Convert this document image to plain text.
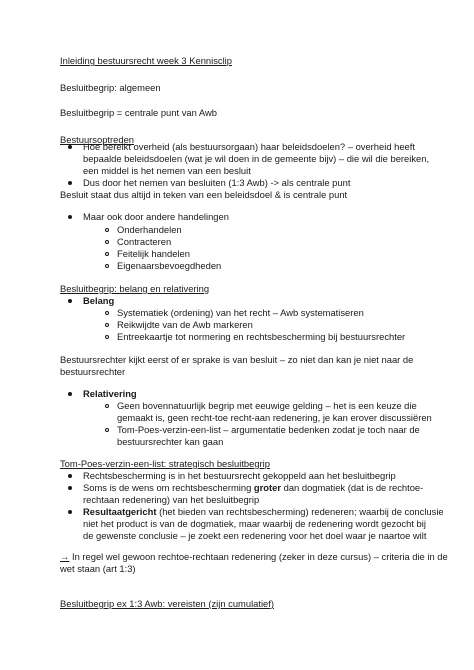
Inleiding bestuursrecht week 3 Kennisclip
Besluitbegrip: algemeen
Besluitbegrip = centrale punt van Awb
Bestuursoptreden
Hoe bereikt overheid (als bestuursorgaan) haar beleidsdoelen? – overheid heeft
bepaalde beleidsdoelen (wat je wil doen in de gemeente bijv) – die wil die bereiken,
een middel is het nemen van een besluit
Dus door het nemen van besluiten (1:3 Awb) -> als centrale punt
Besluit staat dus altijd in teken van een beleidsdoel & is centrale punt
Maar ook door andere handelingen
Onderhandelen
Contracteren
Feitelijk handelen
Eigenaarsbevoegdheden
Besluitbegrip: belang en relativering
Belang
Systematiek (ordening) van het recht – Awb systematiseren
Reikwijdte van de Awb markeren
Entreekaartje tot normering en rechtsbescherming bij bestuursrechter
Bestuursrechter kijkt eerst of er sprake is van besluit – zo niet dan kan je niet naar de
bestuursrechter
Relativering
Geen bovennatuurlijk begrip met eeuwige gelding – het is een keuze die
gemaakt is, geen recht-toe recht-aan redenering, je kan erover discussiëren
Tom-Poes-verzin-een-list – argumentatie bedenken zodat je toch naar de
bestuursrechter kan gaan
Tom-Poes-verzin-een-list: strategisch besluitbegrip
Rechtsbescherming is in het bestuursrecht gekoppeld aan het besluitbegrip
Soms is de wens om rechtsbescherming groter dan dogmatiek (dat is de rechtoe-
rechtaan redenering) van het besluitbegrip
Resultaatgericht (het bieden van rechtsbescherming) redeneren; waarbij de conclusie
niet het product is van de dogmatiek, maar waarbij de redenering wordt gezocht bij
de gewenste conclusie – je zoekt een redenering voor het doel waar je naartoe wilt
→ In regel wel gewoon rechtoe-rechtaan redenering (zeker in deze cursus) – criteria die in de
wet staan (art 1:3)
Besluitbegrip ex 1:3 Awb: vereisten (zijn cumulatief)
